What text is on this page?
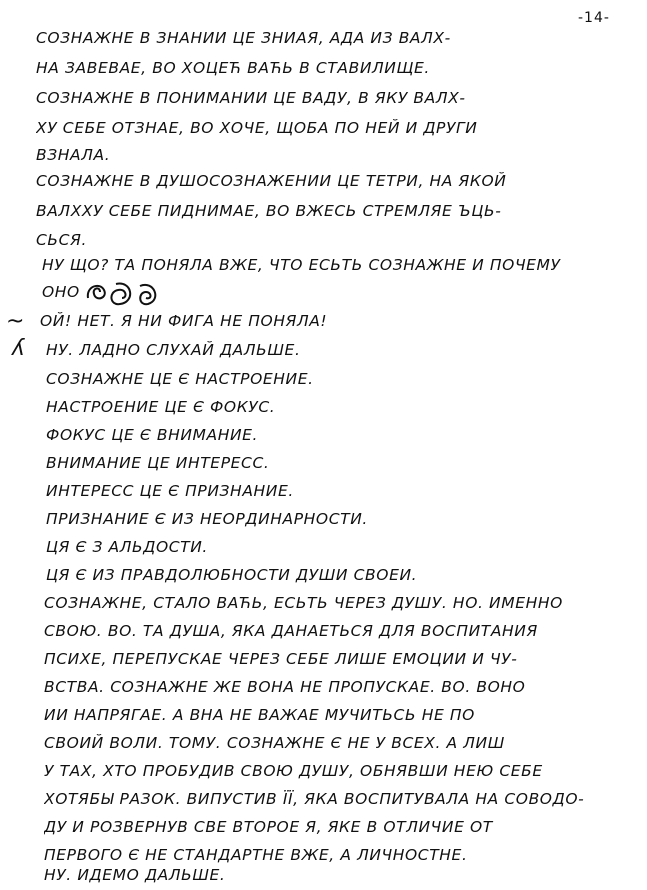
-14-
~
ʎ
СОЗНАЖНЕ В ЗНАНИИ ЦЕ ЗНИАЯ, АДА ИЗ ВАЛХ-
НА ЗАВЕВАЕ, ВО ХОЦЕЋ ВАЋЬ В СТАВИЛИЩЕ.
СОЗНАЖНЕ В ПОНИМАНИИ ЦЕ ВАДУ, В ЯКУ ВАЛХ-
ХУ СЕБЕ ОТЗНАЕ, ВО ХОЧЕ, ЩОБА ПО НЕЙ И ДРУГИ
ВЗНАЛА.
СОЗНАЖНЕ В ДУШОСОЗНАЖЕНИИ ЦЕ ТЕТРИ, НА ЯКОЙ
ВАЛХХУ СЕБЕ ПИДНИМАЕ, ВО ВЖЕСЬ СТРЕМЛЯЕ ЪЦЬ-
СЬСЯ.
НУ ЩО? ТА ПОНЯЛА ВЖЕ, ЧТО ЕСЬТЬ СОЗНАЖНЕ И ПОЧЕМУ
ОНО
ОЙ! НЕТ. Я НИ ФИГА НЕ ПОНЯЛА!
НУ. ЛАДНО СЛУХАЙ ДАЛЬШЕ.
СОЗНАЖНЕ ЦЕ Є НАСТРОЕНИЕ.
НАСТРОЕНИЕ ЦЕ Є ФОКУС.
ФОКУС ЦЕ Є ВНИМАНИЕ.
ВНИМАНИЕ ЦЕ ИНТЕРЕСС.
ИНТЕРЕСС ЦЕ Є ПРИЗНАНИЕ.
ПРИЗНАНИЕ Є ИЗ НЕОРДИНАРНОСТИ.
ЦЯ Є З АЛЬДОСТИ.
ЦЯ Є ИЗ ПРАВДОЛЮБНОСТИ ДУШИ СВОЕИ.
СОЗНАЖНЕ, СТАЛО ВАЋЬ, ЕСЬТЬ ЧЕРЕЗ ДУШУ. НО. ИМЕННО
СВОЮ. ВО. ТА ДУША, ЯКА ДАНАЕТЬСЯ ДЛЯ ВОСПИТАНИЯ
ПСИХЕ, ПЕРЕПУСКАЕ ЧЕРЕЗ СЕБЕ ЛИШЕ ЕМОЦИИ И ЧУ-
ВСТВА. СОЗНАЖНЕ ЖЕ ВОНА НЕ ПРОПУСКАЕ. ВО. ВОНО
ИИ НАПРЯГАЕ. А ВНА НЕ ВАЖАЕ МУЧИТЬСЬ НЕ ПО
СВОИЙ ВОЛИ. ТОМУ. СОЗНАЖНЕ Є НЕ У ВСЕХ. А ЛИШ
У ТАХ, ХТО ПРОБУДИВ СВОЮ ДУШУ, ОБНЯВШИ НЕЮ СЕБЕ
ХОТЯБЫ РАЗОК. ВИПУСТИВ ЇЇ, ЯКА ВОСПИТУВАЛА НА СОВОДО-
ДУ И РОЗВЕРНУВ СВЕ ВТОРОЕ Я, ЯКЕ В ОТЛИЧИЕ ОТ
ПЕРВОГО Є НЕ СТАНДАРТНЕ ВЖЕ, А ЛИЧНОСТНЕ.
НУ. ИДЕМО ДАЛЬШЕ.
